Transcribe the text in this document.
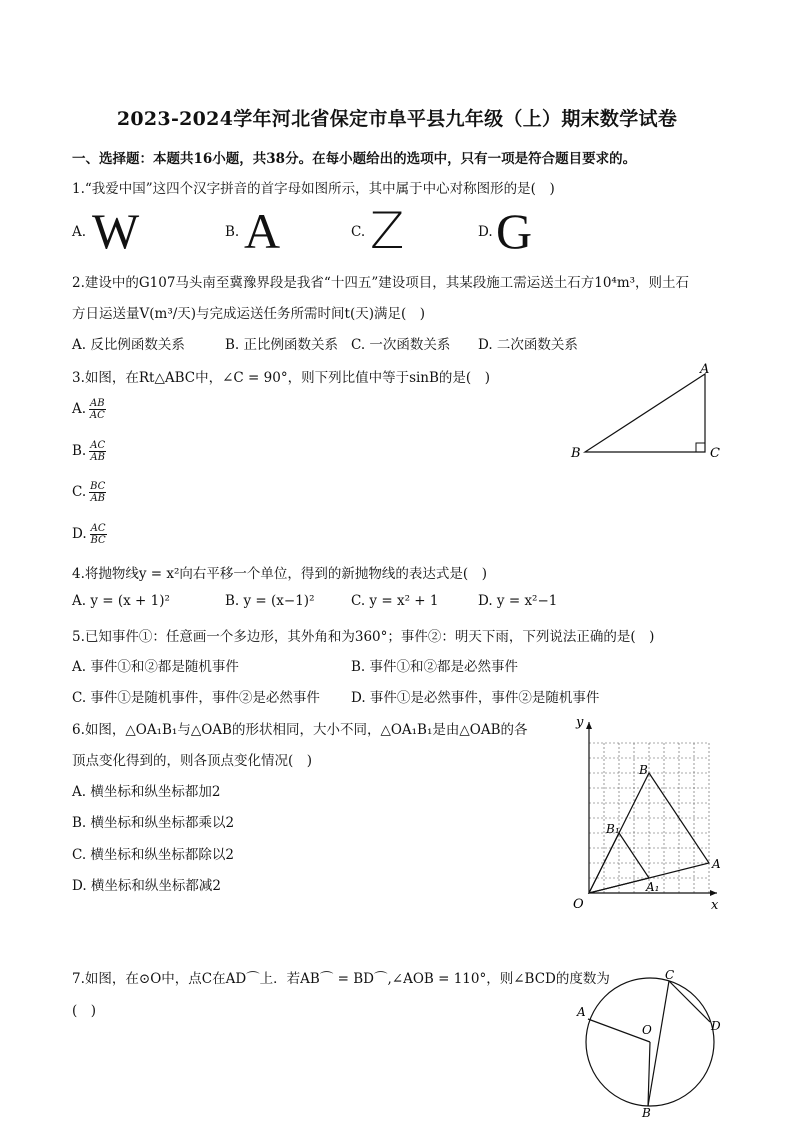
2023-2024学年河北省保定市阜平县九年级（上）期末数学试卷
一、选择题：本题共16小题，共38分。在每小题给出的选项中，只有一项是符合题目要求的。
1.“我爱中国”这四个汉字拼音的首字母如图所示，其中属于中心对称图形的是(　)
A. W	B. A	C. Z	D. G
2.建设中的G107马头南至冀豫界段是我省“十四五”建设项目，其某段施工需运送土石方10⁴m³，则土石
方日运送量V(m³/天)与完成运送任务所需时间t(天)满足(　)
A. 反比例函数关系	B. 正比例函数关系 C. 一次函数关系 D. 二次函数关系
3.如图，在Rt△ABC中，∠C = 90°，则下列比值中等于sinB的是(　)
A. $\frac{AB}{AC}$
B. $\frac{AC}{AB}$
C. $\frac{BC}{AB}$
D. $\frac{AC}{BC}$
A
B	C
4.将抛物线y = x²向右平移一个单位，得到的新抛物线的表达式是(　)
A. y = (x + 1)²	B. y = (x−1)²	C. y = x² + 1	D. y = x²−1
5.已知事件①：任意画一个多边形，其外角和为360°；事件②：明天下雨，下列说法正确的是(　)
A. 事件①和②都是随机事件	B. 事件①和②都是必然事件
C. 事件①是随机事件，事件②是必然事件 D. 事件①是必然事件，事件②是随机事件
6.如图，△OA₁B₁与△OAB的形状相同，大小不同，△OA₁B₁是由△OAB的各
顶点变化得到的，则各顶点变化情况(　)
A. 横坐标和纵坐标都加2
B. 横坐标和纵坐标都乘以2
C. 横坐标和纵坐标都除以2
D. 横坐标和纵坐标都减2
O	x
y
A
B
A₁
B₁
7.如图，在⊙O中，点C在AD⌒上．若AB⌒ = BD⌒,∠AOB = 110°，则∠BCD的度数为
(　)	A
B
C
D
O
